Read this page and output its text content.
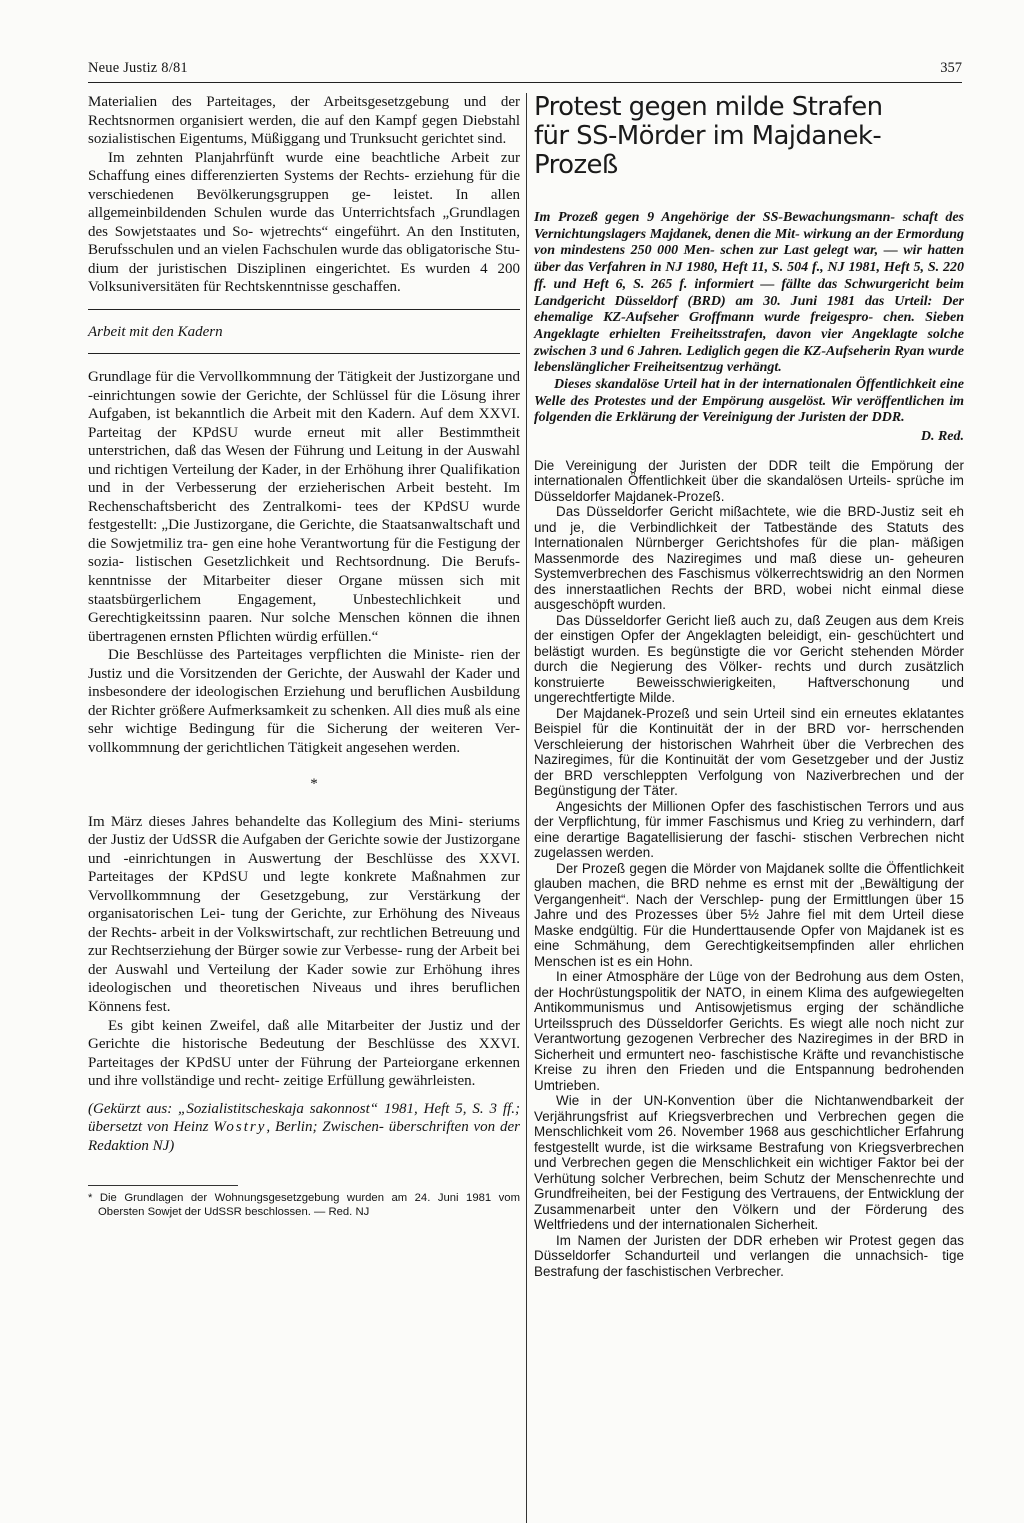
Neue Justiz 8/81	357

Materialien des Parteitages, der Arbeitsgesetzgebung und der Rechtsnormen organisiert werden, die auf den Kampf gegen Diebstahl sozialistischen Eigentums, Müßiggang und Trunksucht gerichtet sind.

Im zehnten Planjahrfünft wurde eine beachtliche Arbeit zur Schaffung eines differenzierten Systems der Rechts- erziehung für die verschiedenen Bevölkerungsgruppen ge- leistet. In allen allgemeinbildenden Schulen wurde das Unterrichtsfach „Grundlagen des Sowjetstaates und So- wjetrechts“ eingeführt. An den Instituten, Berufsschulen und an vielen Fachschulen wurde das obligatorische Stu- dium der juristischen Disziplinen eingerichtet. Es wurden 4 200 Volksuniversitäten für Rechtskenntnisse geschaffen.

Arbeit mit den Kadern

Grundlage für die Vervollkommnung der Tätigkeit der Justizorgane und -einrichtungen sowie der Gerichte, der Schlüssel für die Lösung ihrer Aufgaben, ist bekanntlich die Arbeit mit den Kadern. Auf dem XXVI. Parteitag der KPdSU wurde erneut mit aller Bestimmtheit unterstrichen, daß das Wesen der Führung und Leitung in der Auswahl und richtigen Verteilung der Kader, in der Erhöhung ihrer Qualifikation und in der Verbesserung der erzieherischen Arbeit besteht. Im Rechenschaftsbericht des Zentralkomi- tees der KPdSU wurde festgestellt: „Die Justizorgane, die Gerichte, die Staatsanwaltschaft und die Sowjetmiliz tra- gen eine hohe Verantwortung für die Festigung der sozia- listischen Gesetzlichkeit und Rechtsordnung. Die Berufs- kenntnisse der Mitarbeiter dieser Organe müssen sich mit staatsbürgerlichem Engagement, Unbestechlichkeit und Gerechtigkeitssinn paaren. Nur solche Menschen können die ihnen übertragenen ernsten Pflichten würdig erfüllen.“

Die Beschlüsse des Parteitages verpflichten die Ministe- rien der Justiz und die Vorsitzenden der Gerichte, der Auswahl der Kader und insbesondere der ideologischen Erziehung und beruflichen Ausbildung der Richter größere Aufmerksamkeit zu schenken. All dies muß als eine sehr wichtige Bedingung für die Sicherung der weiteren Ver- vollkommnung der gerichtlichen Tätigkeit angesehen werden.

*

Im März dieses Jahres behandelte das Kollegium des Mini- steriums der Justiz der UdSSR die Aufgaben der Gerichte sowie der Justizorgane und -einrichtungen in Auswertung der Beschlüsse des XXVI. Parteitages der KPdSU und legte konkrete Maßnahmen zur Vervollkommnung der Gesetzgebung, zur Verstärkung der organisatorischen Lei- tung der Gerichte, zur Erhöhung des Niveaus der Rechts- arbeit in der Volkswirtschaft, zur rechtlichen Betreuung und zur Rechtserziehung der Bürger sowie zur Verbesse- rung der Arbeit bei der Auswahl und Verteilung der Kader sowie zur Erhöhung ihres ideologischen und theoretischen Niveaus und ihres beruflichen Könnens fest.

Es gibt keinen Zweifel, daß alle Mitarbeiter der Justiz und der Gerichte die historische Bedeutung der Beschlüsse des XXVI. Parteitages der KPdSU unter der Führung der Parteiorgane erkennen und ihre vollständige und recht- zeitige Erfüllung gewährleisten.

(Gekürzt aus: „Sozialistitscheskaja sakonnost“ 1981, Heft 5, S. 3 ff.; übersetzt von Heinz Wostry, Berlin; Zwischen- überschriften von der Redaktion NJ)

* Die Grundlagen der Wohnungsgesetzgebung wurden am 24. Juni 1981 vom Obersten Sowjet der UdSSR beschlossen. — Red. NJ
Protest gegen milde Strafen
für SS-Mörder im Majdanek-Prozeß

Im Prozeß gegen 9 Angehörige der SS-Bewachungsmann- schaft des Vernichtungslagers Majdanek, denen die Mit- wirkung an der Ermordung von mindestens 250 000 Men- schen zur Last gelegt war, — wir hatten über das Verfahren in NJ 1980, Heft 11, S. 504 f., NJ 1981, Heft 5, S. 220 ff. und Heft 6, S. 265 f. informiert — fällte das Schwurgericht beim Landgericht Düsseldorf (BRD) am 30. Juni 1981 das Urteil: Der ehemalige KZ-Aufseher Groffmann wurde freigespro- chen. Sieben Angeklagte erhielten Freiheitsstrafen, davon vier Angeklagte solche zwischen 3 und 6 Jahren. Lediglich gegen die KZ-Aufseherin Ryan wurde lebenslänglicher Freiheitsentzug verhängt.

Dieses skandalöse Urteil hat in der internationalen Öffentlichkeit eine Welle des Protestes und der Empörung ausgelöst. Wir veröffentlichen im folgenden die Erklärung der Vereinigung der Juristen der DDR.

D. Red.

Die Vereinigung der Juristen der DDR teilt die Empörung der internationalen Öffentlichkeit über die skandalösen Urteils- sprüche im Düsseldorfer Majdanek-Prozeß.

Das Düsseldorfer Gericht mißachtete, wie die BRD-Justiz seit eh und je, die Verbindlichkeit der Tatbestände des Statuts des Internationalen Nürnberger Gerichtshofes für die plan- mäßigen Massenmorde des Naziregimes und maß diese un- geheuren Systemverbrechen des Faschismus völkerrechtswidrig an den Normen des innerstaatlichen Rechts der BRD, wobei nicht einmal diese ausgeschöpft wurden.

Das Düsseldorfer Gericht ließ auch zu, daß Zeugen aus dem Kreis der einstigen Opfer der Angeklagten beleidigt, ein- geschüchtert und belästigt wurden. Es begünstigte die vor Gericht stehenden Mörder durch die Negierung des Völker- rechts und durch zusätzlich konstruierte Beweisschwierigkeiten, Haftverschonung und ungerechtfertigte Milde.

Der Majdanek-Prozeß und sein Urteil sind ein erneutes eklatantes Beispiel für die Kontinuität der in der BRD vor- herrschenden Verschleierung der historischen Wahrheit über die Verbrechen des Naziregimes, für die Kontinuität der vom Gesetzgeber und der Justiz der BRD verschleppten Verfolgung von Naziverbrechen und der Begünstigung der Täter.

Angesichts der Millionen Opfer des faschistischen Terrors und aus der Verpflichtung, für immer Faschismus und Krieg zu verhindern, darf eine derartige Bagatellisierung der faschi- stischen Verbrechen nicht zugelassen werden.

Der Prozeß gegen die Mörder von Majdanek sollte die Öffentlichkeit glauben machen, die BRD nehme es ernst mit der „Bewältigung der Vergangenheit“. Nach der Verschlep- pung der Ermittlungen über 15 Jahre und des Prozesses über 5½ Jahre fiel mit dem Urteil diese Maske endgültig. Für die Hunderttausende Opfer von Majdanek ist es eine Schmähung, dem Gerechtigkeitsempfinden aller ehrlichen Menschen ist es ein Hohn.

In einer Atmosphäre der Lüge von der Bedrohung aus dem Osten, der Hochrüstungspolitik der NATO, in einem Klima des aufgewiegelten Antikommunismus und Antisowjetismus erging der schändliche Urteilsspruch des Düsseldorfer Gerichts. Es wiegt alle noch nicht zur Verantwortung gezogenen Verbrecher des Naziregimes in der BRD in Sicherheit und ermuntert neo- faschistische Kräfte und revanchistische Kreise zu ihren den Frieden und die Entspannung bedrohenden Umtrieben.

Wie in der UN-Konvention über die Nichtanwendbarkeit der Verjährungsfrist auf Kriegsverbrechen und Verbrechen gegen die Menschlichkeit vom 26. November 1968 aus geschichtlicher Erfahrung festgestellt wurde, ist die wirksame Bestrafung von Kriegsverbrechen und Verbrechen gegen die Menschlichkeit ein wichtiger Faktor bei der Verhütung solcher Verbrechen, beim Schutz der Menschenrechte und Grundfreiheiten, bei der Festigung des Vertrauens, der Entwicklung der Zusammenarbeit unter den Völkern und der Förderung des Weltfriedens und der internationalen Sicherheit.

Im Namen der Juristen der DDR erheben wir Protest gegen das Düsseldorfer Schandurteil und verlangen die unnachsich- tige Bestrafung der faschistischen Verbrecher.
